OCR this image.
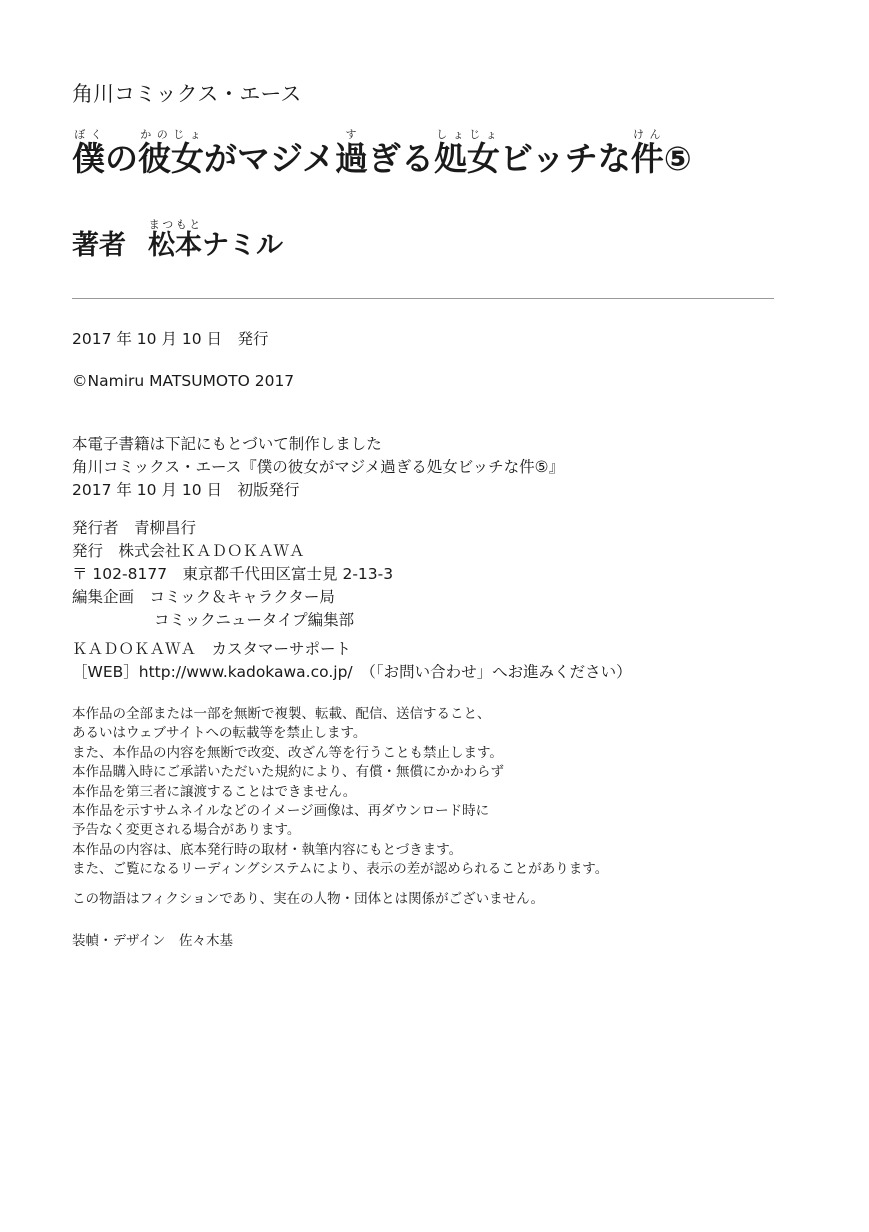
角川コミックス・エース
僕ぼくの彼女かのじょがマジメ過すぎる処女しょじょビッチな件けん⑤
著者 松本まつもとナミル
2017 年 10 月 10 日　発行
©Namiru MATSUMOTO 2017
本電子書籍は下記にもとづいて制作しました
角川コミックス・エース『僕の彼女がマジメ過ぎる処女ビッチな件⑤』
2017 年 10 月 10 日　初版発行
発行者　青柳昌行
発行　株式会社ＫＡＤＯＫＡＷＡ
〒 102-8177　東京都千代田区富士見 2-13-3
編集企画　コミック＆キャラクター局
コミックニュータイプ編集部
ＫＡＤＯＫＡＷＡ　カスタマーサポート
［WEB］http://www.kadokawa.co.jp/　（「お問い合わせ」へお進みください）
本作品の全部または一部を無断で複製、転載、配信、送信すること、
あるいはウェブサイトへの転載等を禁止します。
また、本作品の内容を無断で改変、改ざん等を行うことも禁止します。
本作品購入時にご承諾いただいた規約により、有償・無償にかかわらず
本作品を第三者に譲渡することはできません。
本作品を示すサムネイルなどのイメージ画像は、再ダウンロード時に
予告なく変更される場合があります。
本作品の内容は、底本発行時の取材・執筆内容にもとづきます。
また、ご覧になるリーディングシステムにより、表示の差が認められることがあります。
この物語はフィクションであり、実在の人物・団体とは関係がございません。
装幀・デザイン　佐々木基
